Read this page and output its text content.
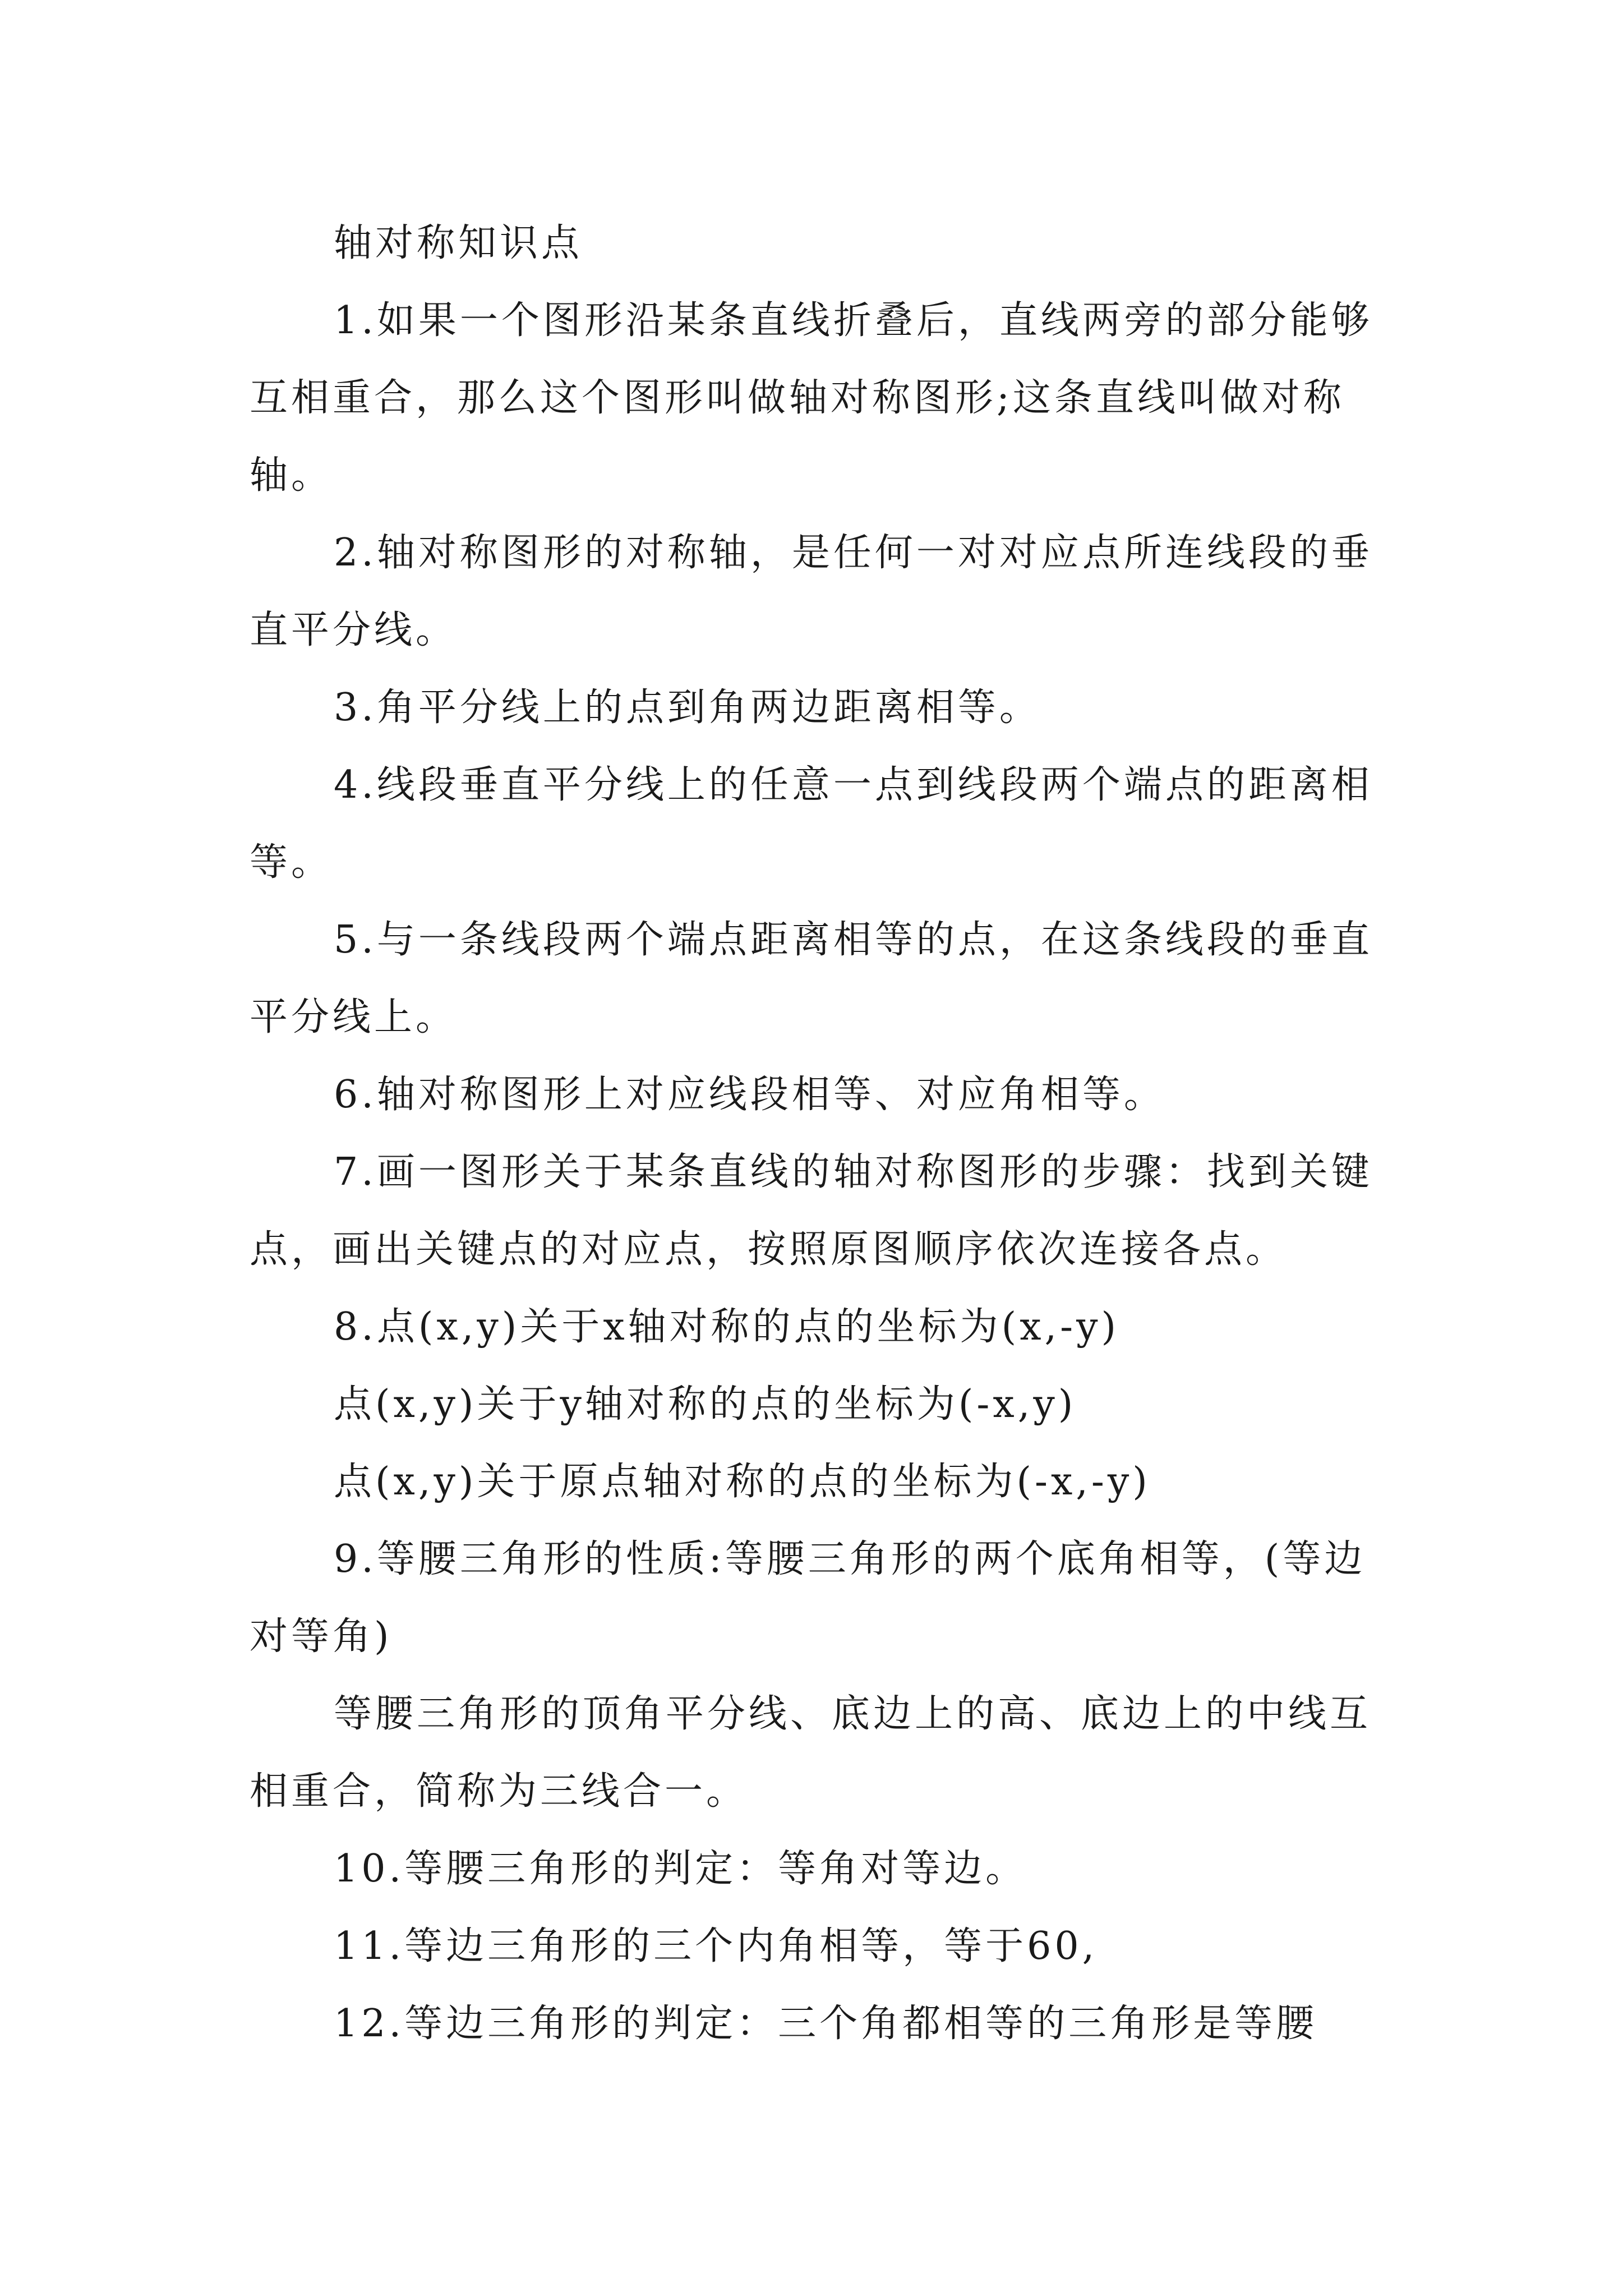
轴对称知识点

1.如果一个图形沿某条直线折叠后，直线两旁的部分能够互相重合，那么这个图形叫做轴对称图形;这条直线叫做对称轴。

2.轴对称图形的对称轴，是任何一对对应点所连线段的垂直平分线。

3.角平分线上的点到角两边距离相等。

4.线段垂直平分线上的任意一点到线段两个端点的距离相等。

5.与一条线段两个端点距离相等的点，在这条线段的垂直平分线上。

6.轴对称图形上对应线段相等、对应角相等。

7.画一图形关于某条直线的轴对称图形的步骤：找到关键点，画出关键点的对应点，按照原图顺序依次连接各点。

8.点(x,y)关于x轴对称的点的坐标为(x,-y)

点(x,y)关于y轴对称的点的坐标为(-x,y)

点(x,y)关于原点轴对称的点的坐标为(-x,-y)

9.等腰三角形的性质:等腰三角形的两个底角相等，(等边对等角)

等腰三角形的顶角平分线、底边上的高、底边上的中线互相重合，简称为三线合一。

10.等腰三角形的判定：等角对等边。

11.等边三角形的三个内角相等，等于60,

12.等边三角形的判定：三个角都相等的三角形是等腰
